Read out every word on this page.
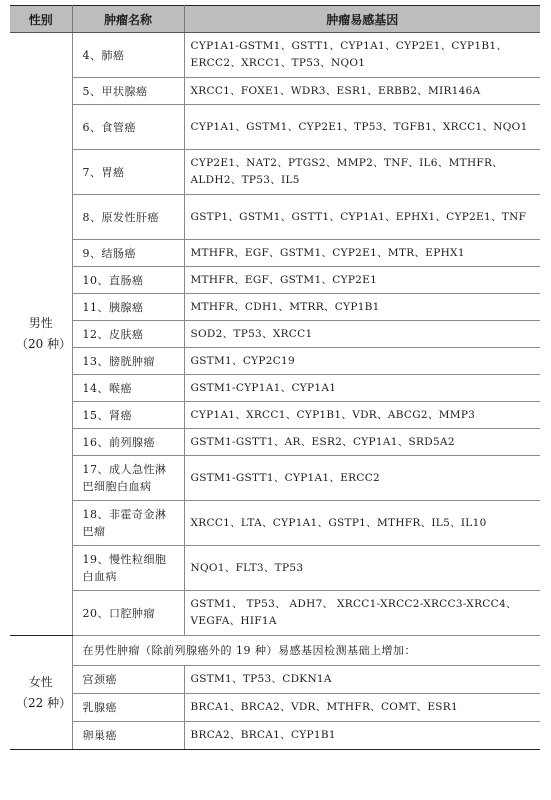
性别	肿瘤名称	肿瘤易感基因

男性
（20 种）	4、肺癌	CYP1A1-GSTM1、GSTT1、CYP1A1、CYP2E1、CYP1B1、ERCC2、XRCC1、TP53、NQO1
	5、甲状腺癌	XRCC1、FOXE1、WDR3、ESR1、ERBB2、MIR146A
	6、食管癌	CYP1A1、GSTM1、CYP2E1、TP53、TGFB1、XRCC1、NQO1
	7、胃癌	CYP2E1、NAT2、PTGS2、MMP2、TNF、IL6、MTHFR、ALDH2、TP53、IL5
	8、原发性肝癌	GSTP1、GSTM1、GSTT1、CYP1A1、EPHX1、CYP2E1、TNF
	9、结肠癌	MTHFR、EGF、GSTM1、CYP2E1、MTR、EPHX1
	10、直肠癌	MTHFR、EGF、GSTM1、CYP2E1
	11、胰腺癌	MTHFR、CDH1、MTRR、CYP1B1
	12、皮肤癌	SOD2、TP53、XRCC1
	13、膀胱肿瘤	GSTM1、CYP2C19
	14、喉癌	GSTM1-CYP1A1、CYP1A1
	15、肾癌	CYP1A1、XRCC1、CYP1B1、VDR、ABCG2、MMP3
	16、前列腺癌	GSTM1-GSTT1、AR、ESR2、CYP1A1、SRD5A2
	17、成人急性淋巴细胞白血病	GSTM1-GSTT1、CYP1A1、ERCC2
	18、非霍奇金淋巴瘤	XRCC1、LTA、CYP1A1、GSTP1、MTHFR、IL5、IL10
	19、慢性粒细胞白血病	NQO1、FLT3、TP53
	20、口腔肿瘤	GSTM1、 TP53、 ADH7、 XRCC1-XRCC2-XRCC3-XRCC4、VEGFA、HIF1A

女性
（22 种）	在男性肿瘤（除前列腺癌外的 19 种）易感基因检测基础上增加：	
	宫颈癌	GSTM1、TP53、CDKN1A
	乳腺癌	BRCA1、BRCA2、VDR、MTHFR、COMT、ESR1
	卵巢癌	BRCA2、BRCA1、CYP1B1
